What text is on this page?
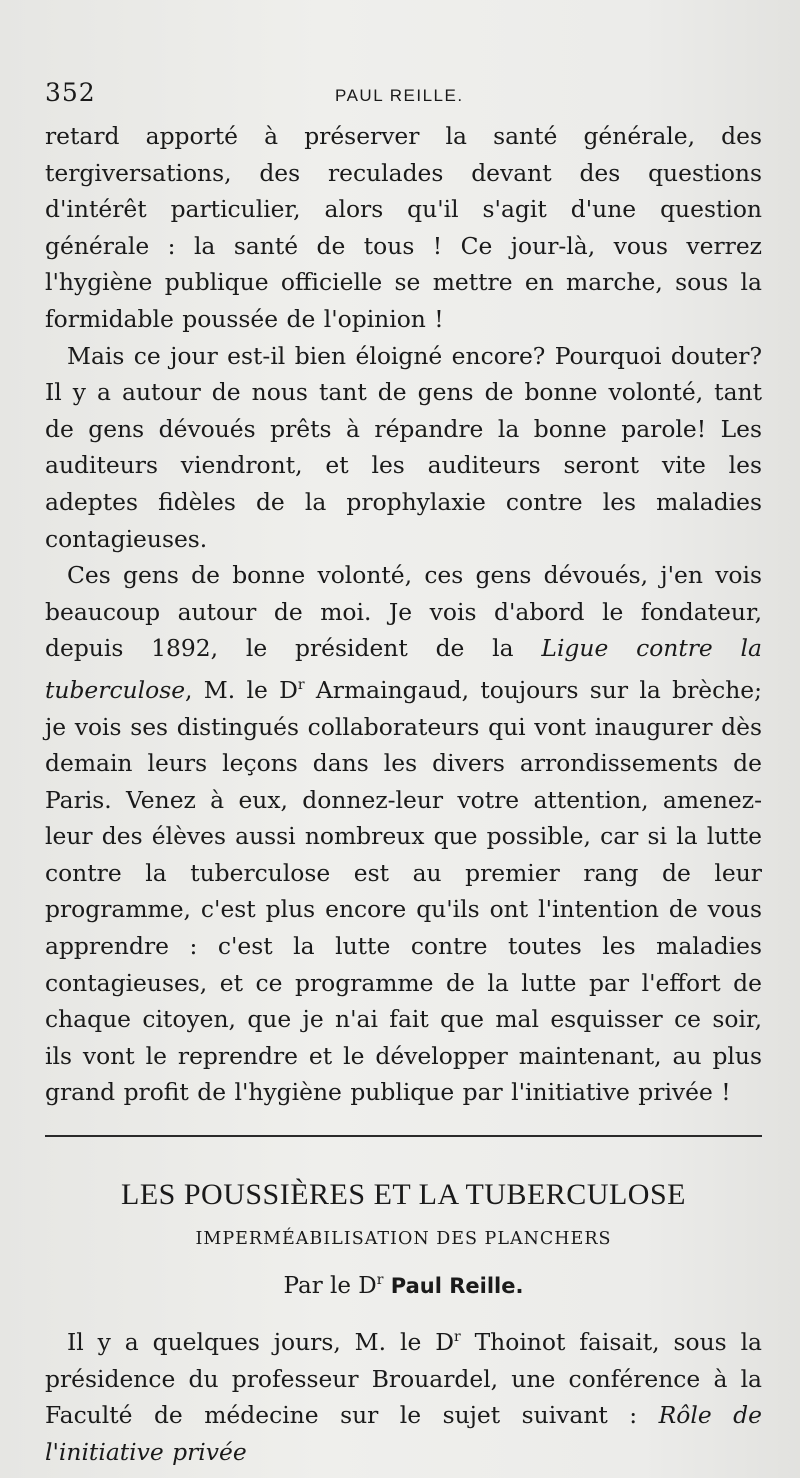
352	PAUL REILLE.

retard apporté à préserver la santé générale, des tergiversations, des reculades devant des questions d'intérêt particulier, alors qu'il s'agit d'une question générale : la santé de tous ! Ce jour-là, vous verrez l'hygiène publique officielle se mettre en marche, sous la formidable poussée de l'opinion !

Mais ce jour est-il bien éloigné encore? Pourquoi douter? Il y a autour de nous tant de gens de bonne volonté, tant de gens dévoués prêts à répandre la bonne parole! Les auditeurs viendront, et les auditeurs seront vite les adeptes fidèles de la prophylaxie contre les maladies contagieuses.

Ces gens de bonne volonté, ces gens dévoués, j'en vois beaucoup autour de moi. Je vois d'abord le fondateur, depuis 1892, le président de la Ligue contre la tuberculose, M. le $D^r$ Armaingaud, toujours sur la brèche; je vois ses distingués collaborateurs qui vont inaugurer dès demain leurs leçons dans les divers arrondissements de Paris. Venez à eux, donnez-leur votre attention, amenez-leur des élèves aussi nombreux que possible, car si la lutte contre la tuberculose est au premier rang de leur programme, c'est plus encore qu'ils ont l'intention de vous apprendre : c'est la lutte contre toutes les maladies contagieuses, et ce programme de la lutte par l'effort de chaque citoyen, que je n'ai fait que mal esquisser ce soir, ils vont le reprendre et le développer maintenant, au plus grand profit de l'hygiène publique par l'initiative privée !

LES POUSSIÈRES ET LA TUBERCULOSE
IMPERMÉABILISATION DES PLANCHERS
Par le $D^r$ Paul Reille.

Il y a quelques jours, M. le $D^r$ Thoinot faisait, sous la présidence du professeur Brouardel, une conférence à la Faculté de médecine sur le sujet suivant : Rôle de l'initiative privée
